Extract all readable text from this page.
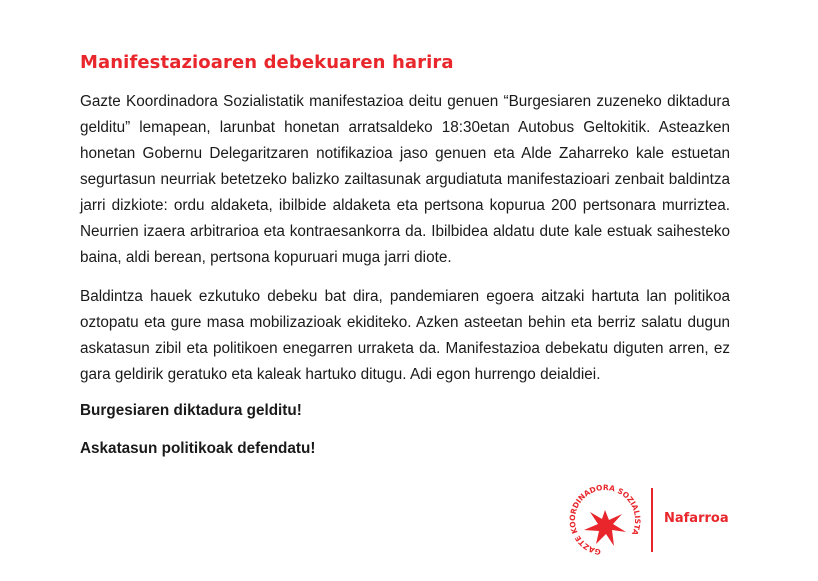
Manifestazioaren debekuaren harira

Gazte Koordinadora Sozialistatik manifestazioa deitu genuen “Burgesiaren zuzeneko diktadura gelditu” lemapean, larunbat honetan arratsaldeko 18:30etan Autobus Geltokitik. Asteazken honetan Gobernu Delegaritzaren notifikazioa jaso genuen eta Alde Zaharreko kale estuetan segurtasun neurriak betetzeko balizko zailtasunak argudiatuta manifestazioari zenbait baldintza jarri dizkiote: ordu aldaketa, ibilbide aldaketa eta pertsona kopurua 200 pertsonara murriztea. Neurrien izaera arbitrarioa eta kontraesankorra da. Ibilbidea aldatu dute kale estuak saihesteko baina, aldi berean, pertsona kopuruari muga jarri diote.

Baldintza hauek ezkutuko debeku bat dira, pandemiaren egoera aitzaki hartuta lan politikoa oztopatu eta gure masa mobilizazioak ekiditeko. Azken asteetan behin eta berriz salatu dugun askatasun zibil eta politikoen enegarren urraketa da. Manifestazioa debekatu diguten arren, ez gara geldirik geratuko eta kaleak hartuko ditugu. Adi egon hurrengo deialdiei.

Burgesiaren diktadura gelditu!

Askatasun politikoak defendatu!

GAZTE KOORDINADORA SOZIALISTA
Nafarroa
